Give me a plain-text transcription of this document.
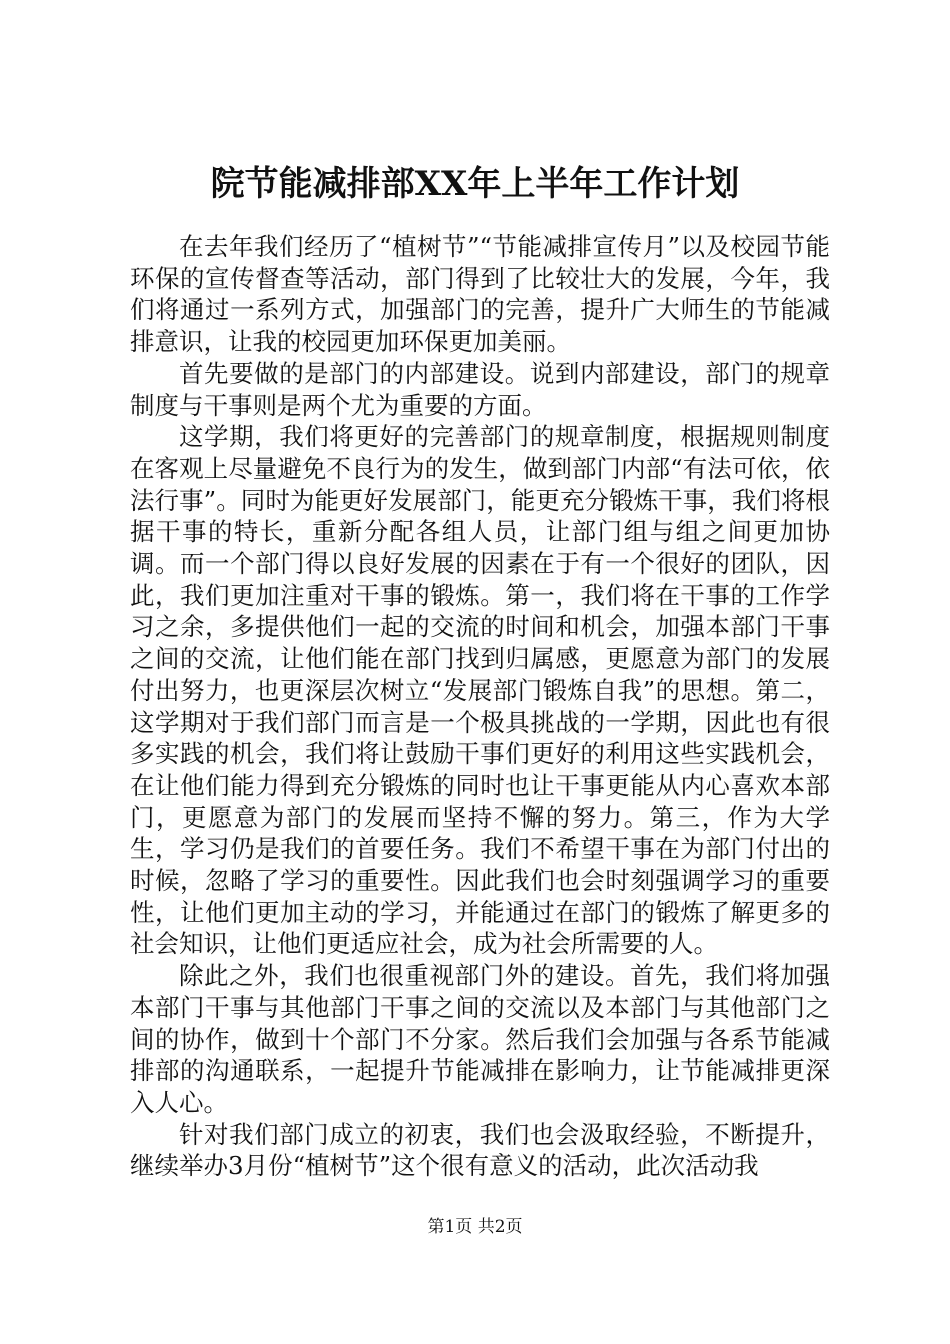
院节能减排部XX年上半年工作计划

在去年我们经历了“植树节”“节能减排宣传月”以及校园节能环保的宣传督查等活动，部门得到了比较壮大的发展，今年，我们将通过一系列方式，加强部门的完善，提升广大师生的节能减排意识，让我的校园更加环保更加美丽。

首先要做的是部门的内部建设。说到内部建设，部门的规章制度与干事则是两个尤为重要的方面。

这学期，我们将更好的完善部门的规章制度，根据规则制度在客观上尽量避免不良行为的发生，做到部门内部“有法可依，依法行事”。同时为能更好发展部门，能更充分锻炼干事，我们将根据干事的特长，重新分配各组人员，让部门组与组之间更加协调。而一个部门得以良好发展的因素在于有一个很好的团队，因此，我们更加注重对干事的锻炼。第一，我们将在干事的工作学习之余，多提供他们一起的交流的时间和机会，加强本部门干事之间的交流，让他们能在部门找到归属感，更愿意为部门的发展付出努力，也更深层次树立“发展部门锻炼自我”的思想。第二，这学期对于我们部门而言是一个极具挑战的一学期，因此也有很多实践的机会，我们将让鼓励干事们更好的利用这些实践机会，在让他们能力得到充分锻炼的同时也让干事更能从内心喜欢本部门，更愿意为部门的发展而坚持不懈的努力。第三，作为大学生，学习仍是我们的首要任务。我们不希望干事在为部门付出的时候，忽略了学习的重要性。因此我们也会时刻强调学习的重要性，让他们更加主动的学习，并能通过在部门的锻炼了解更多的社会知识，让他们更适应社会，成为社会所需要的人。

除此之外，我们也很重视部门外的建设。首先，我们将加强本部门干事与其他部门干事之间的交流以及本部门与其他部门之间的协作，做到十个部门不分家。然后我们会加强与各系节能减排部的沟通联系，一起提升节能减排在影响力，让节能减排更深入人心。

针对我们部门成立的初衷，我们也会汲取经验，不断提升，继续举办3月份“植树节”这个很有意义的活动，此次活动我

第1页 共2页
